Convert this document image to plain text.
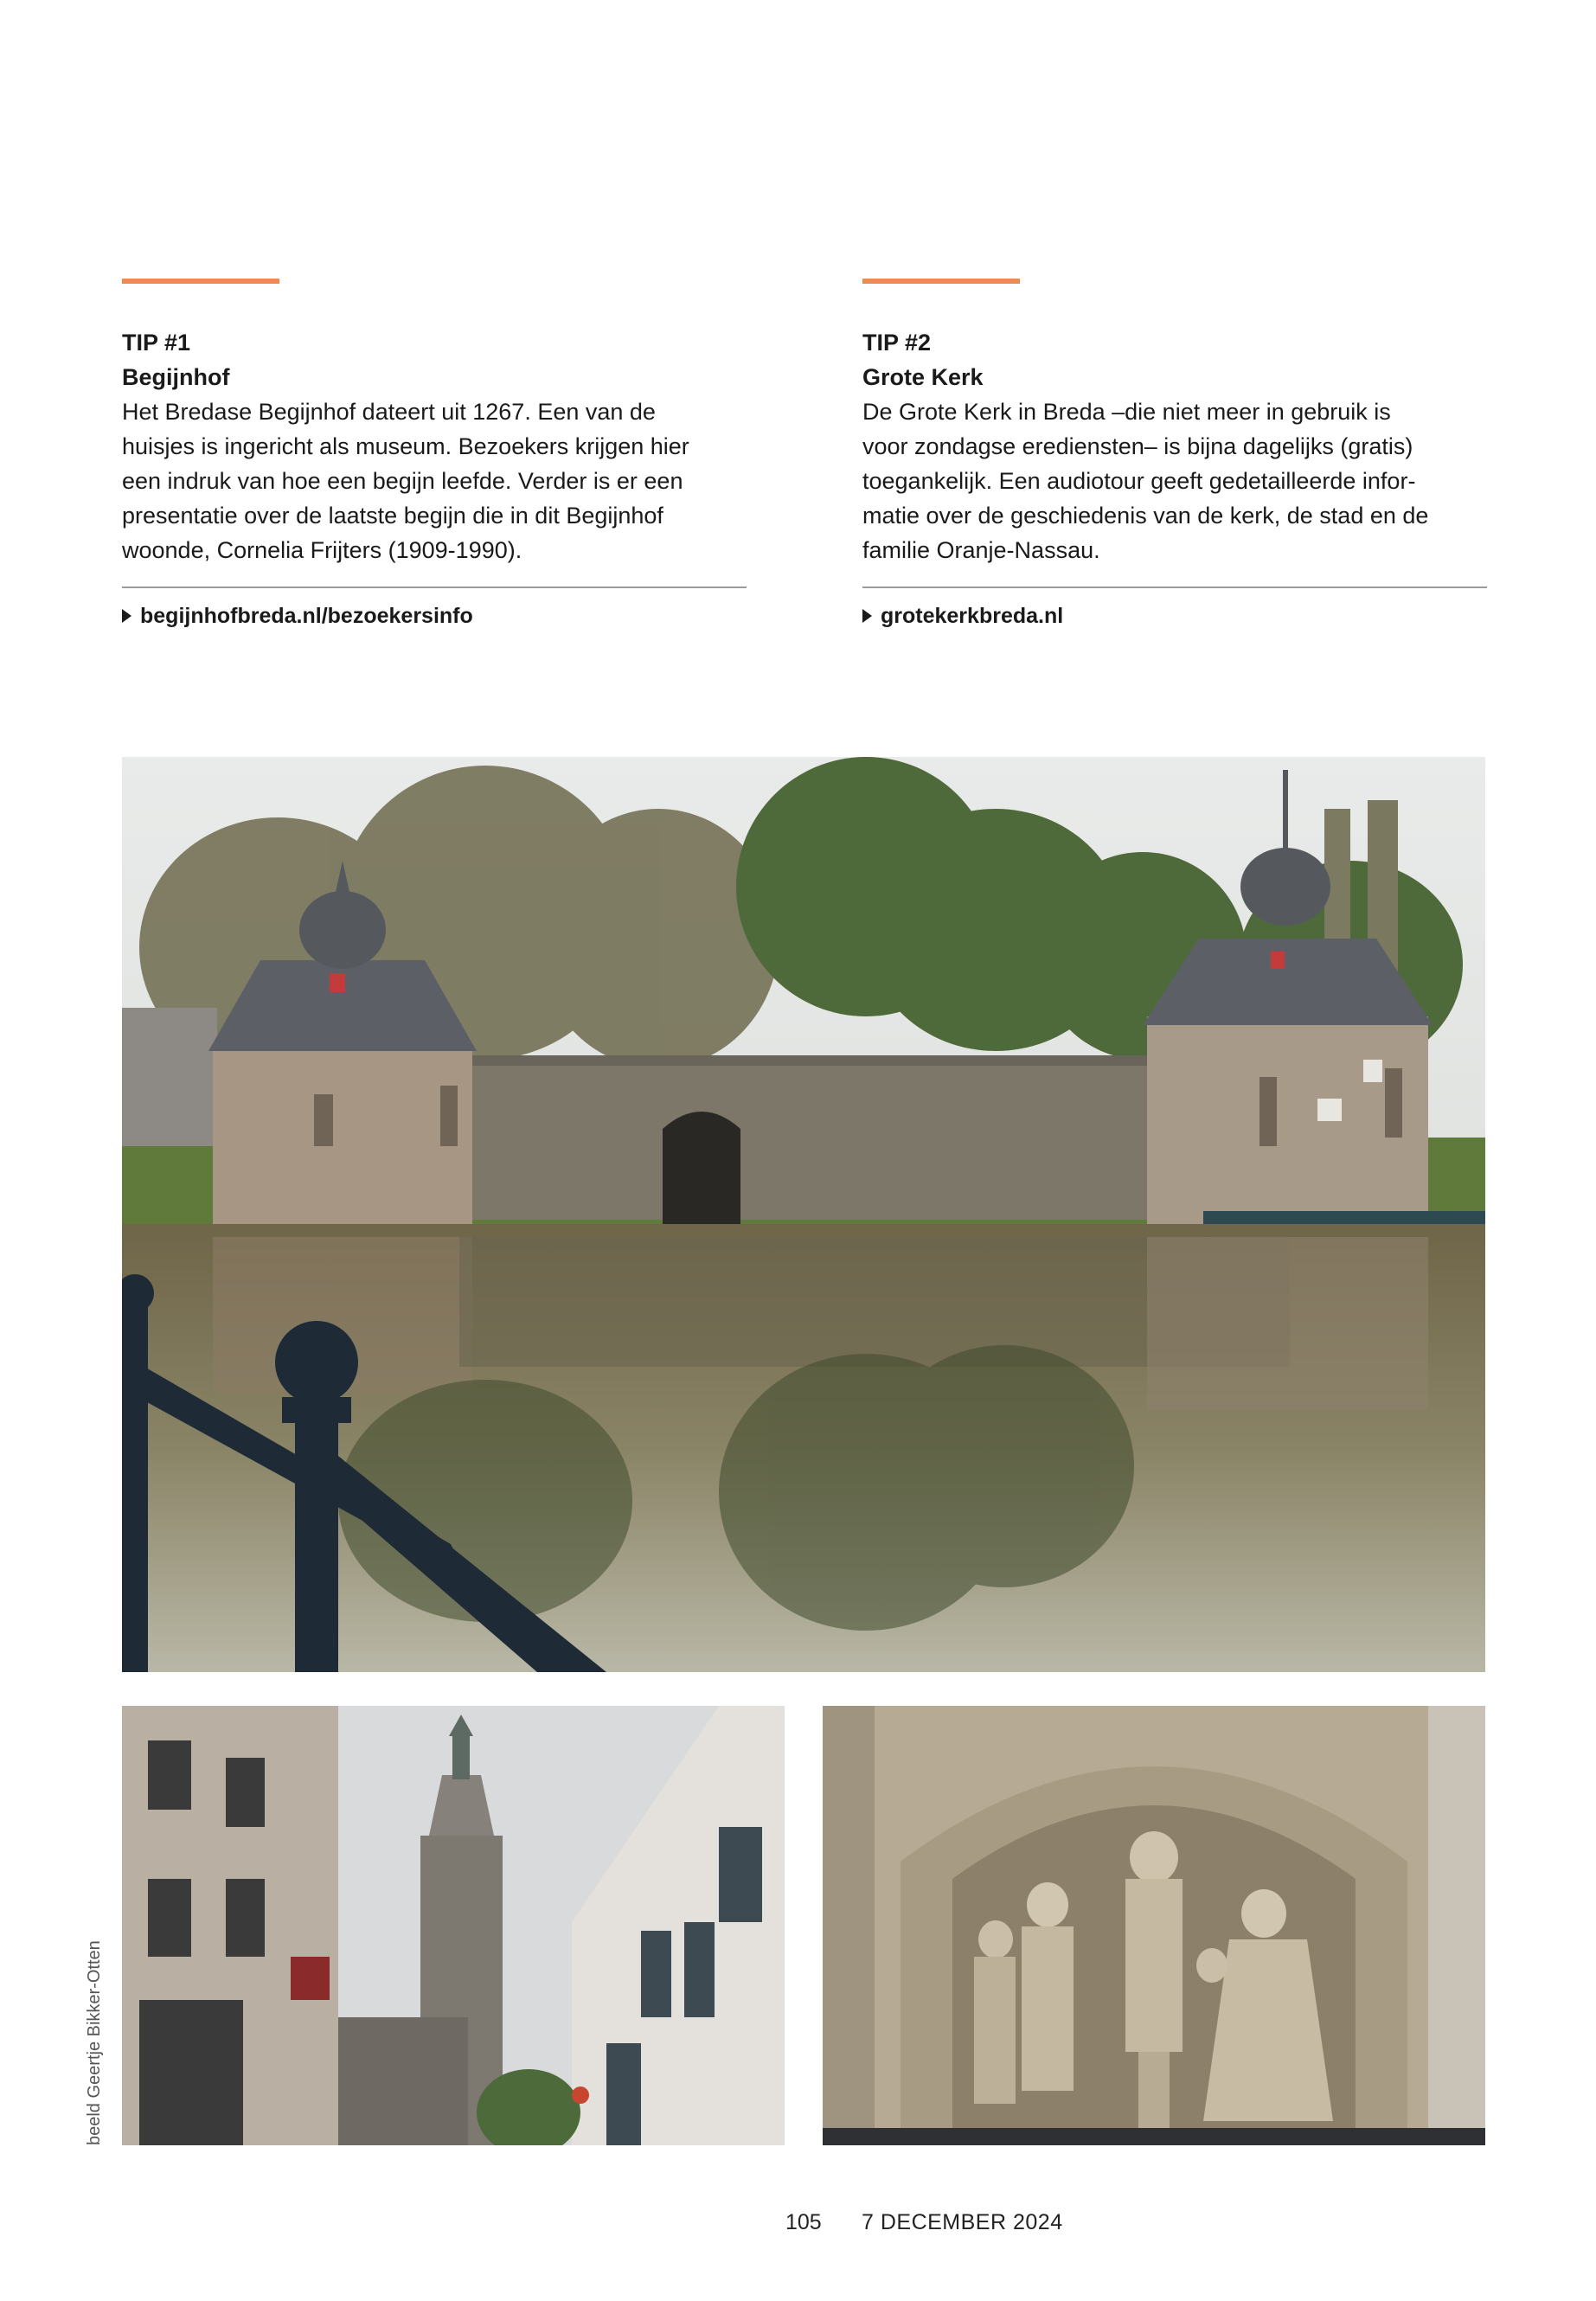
TIP #1
Begijnhof

Het Bredase Begijnhof dateert uit 1267. Een van de
huisjes is ingericht als museum. Bezoekers krijgen hier
een indruk van hoe een begijn leefde. Verder is er een
presentatie over de laatste begijn die in dit Begijnhof
woonde, Cornelia Frijters (1909-1990).

begijnhofbreda.nl/bezoekersinfo
TIP #2
Grote Kerk

De Grote Kerk in Breda –die niet meer in gebruik is
voor zondagse erediensten– is bijna dagelijks (gratis)
toegankelijk. Een audiotour geeft gedetailleerde infor-
matie over de geschiedenis van de kerk, de stad en de
familie Oranje-Nassau.

grotekerkbreda.nl
beeld Geertje Bikker-Otten
105 7 DECEMBER 2024
